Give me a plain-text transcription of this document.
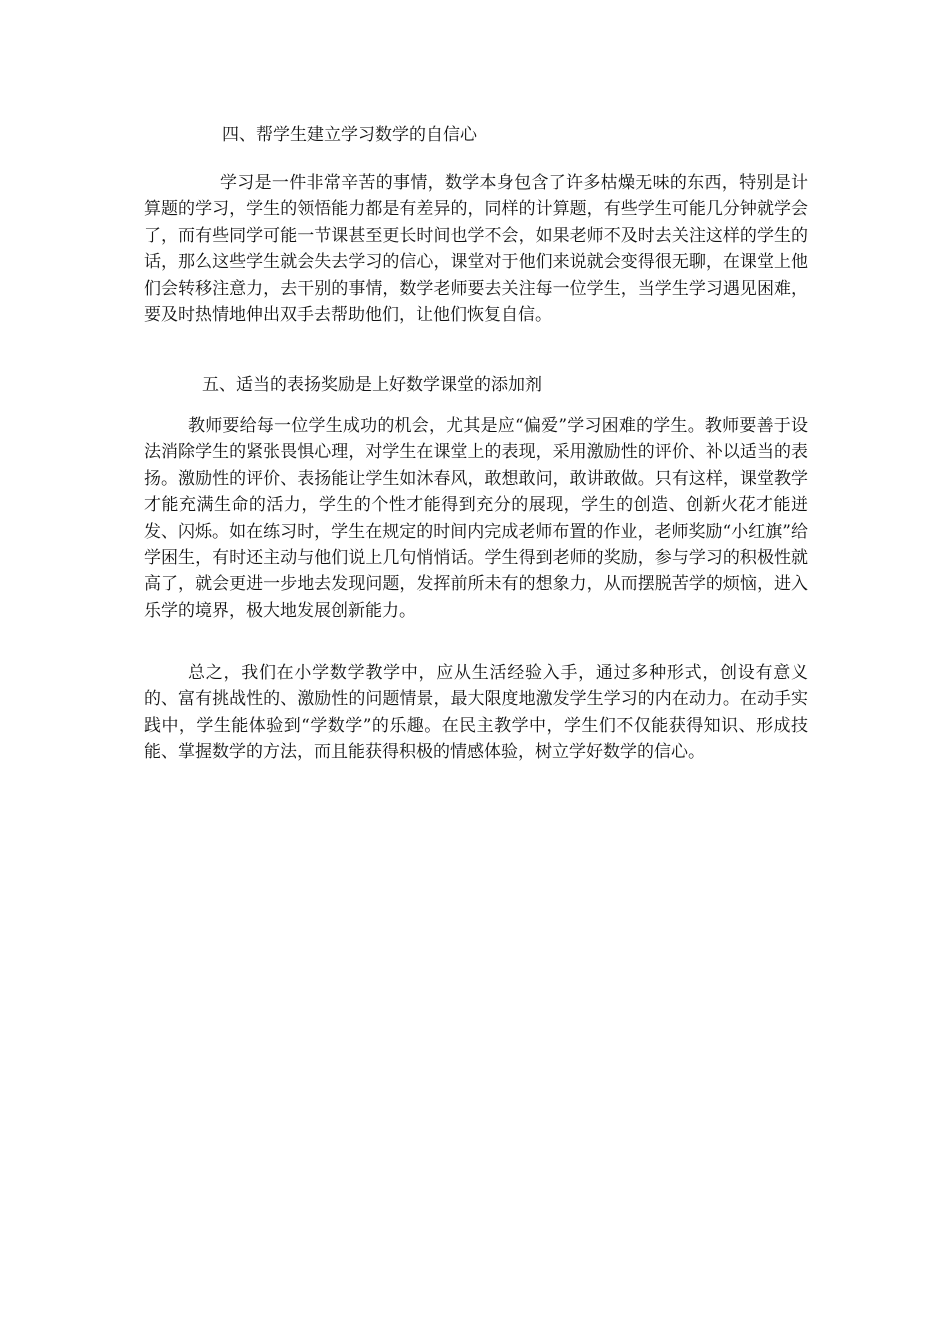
四、帮学生建立学习数学的自信心
学习是一件非常辛苦的事情，数学本身包含了许多枯燥无味的东西，特别是计算题的学习，学生的领悟能力都是有差异的，同样的计算题，有些学生可能几分钟就学会了，而有些同学可能一节课甚至更长时间也学不会，如果老师不及时去关注这样的学生的话，那么这些学生就会失去学习的信心，课堂对于他们来说就会变得很无聊，在课堂上他们会转移注意力，去干别的事情，数学老师要去关注每一位学生，当学生学习遇见困难，要及时热情地伸出双手去帮助他们，让他们恢复自信。
五、适当的表扬奖励是上好数学课堂的添加剂
教师要给每一位学生成功的机会，尤其是应“偏爱”学习困难的学生。教师要善于设法消除学生的紧张畏惧心理，对学生在课堂上的表现，采用激励性的评价、补以适当的表扬。激励性的评价、表扬能让学生如沐春风，敢想敢问，敢讲敢做。只有这样，课堂教学才能充满生命的活力，学生的个性才能得到充分的展现，学生的创造、创新火花才能迸发、闪烁。如在练习时，学生在规定的时间内完成老师布置的作业，老师奖励“小红旗”给学困生，有时还主动与他们说上几句悄悄话。学生得到老师的奖励，参与学习的积极性就高了，就会更进一步地去发现问题，发挥前所未有的想象力，从而摆脱苦学的烦恼，进入乐学的境界，极大地发展创新能力。
总之，我们在小学数学教学中，应从生活经验入手，通过多种形式，创设有意义的、富有挑战性的、激励性的问题情景，最大限度地激发学生学习的内在动力。在动手实践中，学生能体验到“学数学”的乐趣。在民主教学中，学生们不仅能获得知识、形成技能、掌握数学的方法，而且能获得积极的情感体验，树立学好数学的信心。
